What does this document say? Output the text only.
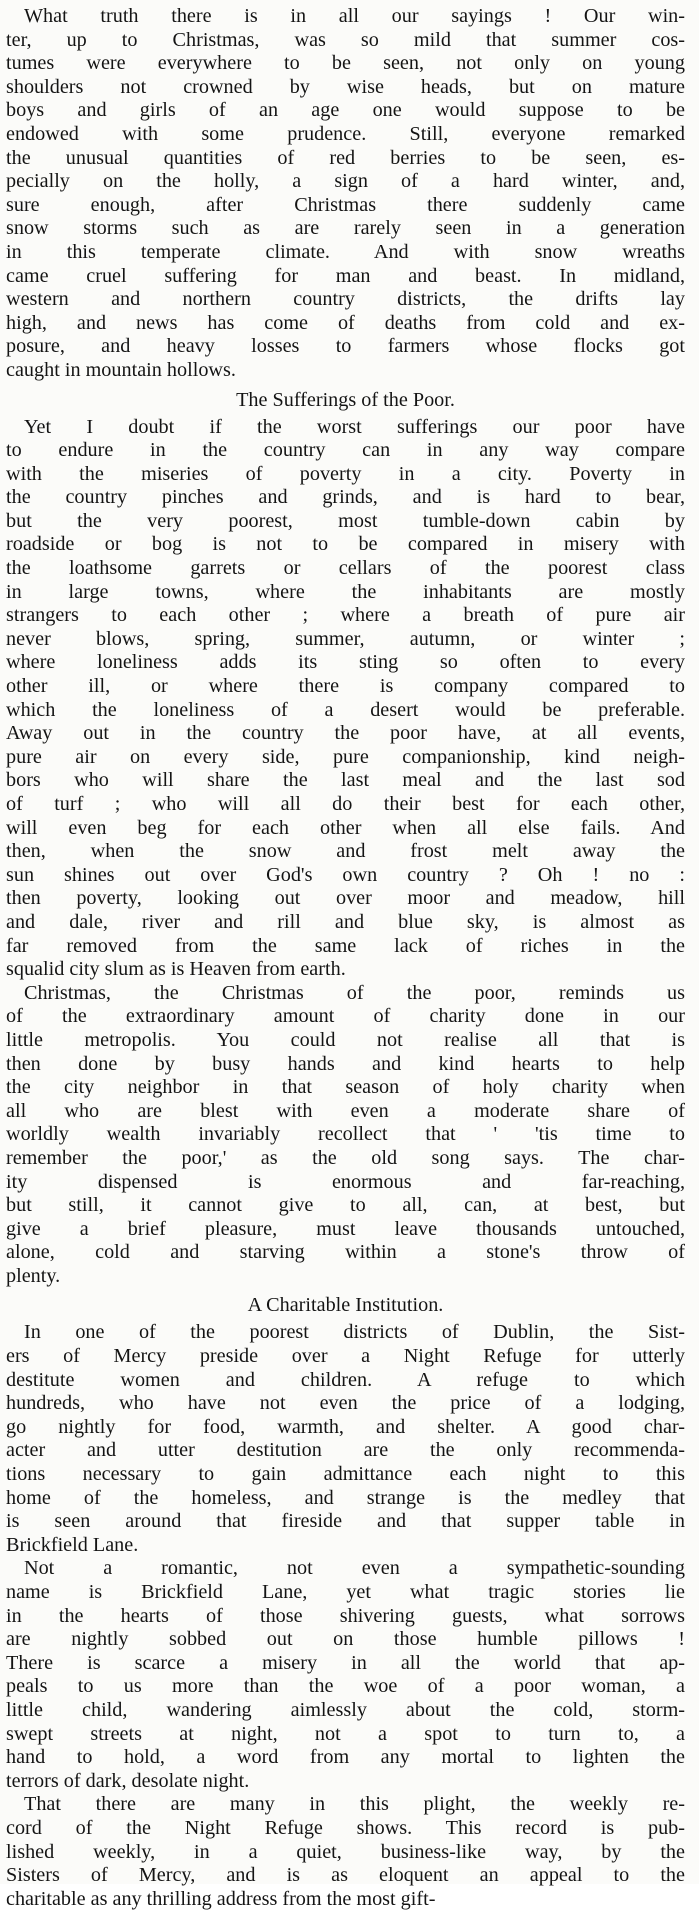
What truth there is in all our sayings ! Our win-
ter, up to Christmas, was so mild that summer cos-
tumes were everywhere to be seen, not only on young
shoulders not crowned by wise heads, but on mature
boys and girls of an age one would suppose to be
endowed with some prudence. Still, everyone remarked
the unusual quantities of red berries to be seen, es-
pecially on the holly, a sign of a hard winter, and,
sure enough, after Christmas there suddenly came
snow storms such as are rarely seen in a generation
in this temperate climate. And with snow wreaths
came cruel suffering for man and beast. In midland,
western and northern country districts, the drifts lay
high, and news has come of deaths from cold and ex-
posure, and heavy losses to farmers whose flocks got
caught in mountain hollows.
The Sufferings of the Poor.
Yet I doubt if the worst sufferings our poor have
to endure in the country can in any way compare
with the miseries of poverty in a city. Poverty in
the country pinches and grinds, and is hard to bear,
but the very poorest, most tumble-down cabin by
roadside or bog is not to be compared in misery with
the loathsome garrets or cellars of the poorest class
in large towns, where the inhabitants are mostly
strangers to each other ; where a breath of pure air
never blows, spring, summer, autumn, or winter ;
where loneliness adds its sting so often to every
other ill, or where there is company compared to
which the loneliness of a desert would be preferable.
Away out in the country the poor have, at all events,
pure air on every side, pure companionship, kind neigh-
bors who will share the last meal and the last sod
of turf ; who will all do their best for each other,
will even beg for each other when all else fails. And
then, when the snow and frost melt away the
sun shines out over God's own country ? Oh ! no :
then poverty, looking out over moor and meadow, hill
and dale, river and rill and blue sky, is almost as
far removed from the same lack of riches in the
squalid city slum as is Heaven from earth.
Christmas, the Christmas of the poor, reminds us
of the extraordinary amount of charity done in our
little metropolis. You could not realise all that is
then done by busy hands and kind hearts to help
the city neighbor in that season of holy charity when
all who are blest with even a moderate share of
worldly wealth invariably recollect that ' 'tis time to
remember the poor,' as the old song says. The char-
ity dispensed is enormous and far-reaching,
but still, it cannot give to all, can, at best, but
give a brief pleasure, must leave thousands untouched,
alone, cold and starving within a stone's throw of
plenty.
A Charitable Institution.
In one of the poorest districts of Dublin, the Sist-
ers of Mercy preside over a Night Refuge for utterly
destitute women and children. A refuge to which
hundreds, who have not even the price of a lodging,
go nightly for food, warmth, and shelter. A good char-
acter and utter destitution are the only recommenda-
tions necessary to gain admittance each night to this
home of the homeless, and strange is the medley that
is seen around that fireside and that supper table in
Brickfield Lane.
Not a romantic, not even a sympathetic-sounding
name is Brickfield Lane, yet what tragic stories lie
in the hearts of those shivering guests, what sorrows
are nightly sobbed out on those humble pillows !
There is scarce a misery in all the world that ap-
peals to us more than the woe of a poor woman, a
little child, wandering aimlessly about the cold, storm-
swept streets at night, not a spot to turn to, a
hand to hold, a word from any mortal to lighten the
terrors of dark, desolate night.
That there are many in this plight, the weekly re-
cord of the Night Refuge shows. This record is pub-
lished weekly, in a quiet, business-like way, by the
Sisters of Mercy, and is as eloquent an appeal to the
charitable as any thrilling address from the most gift-
